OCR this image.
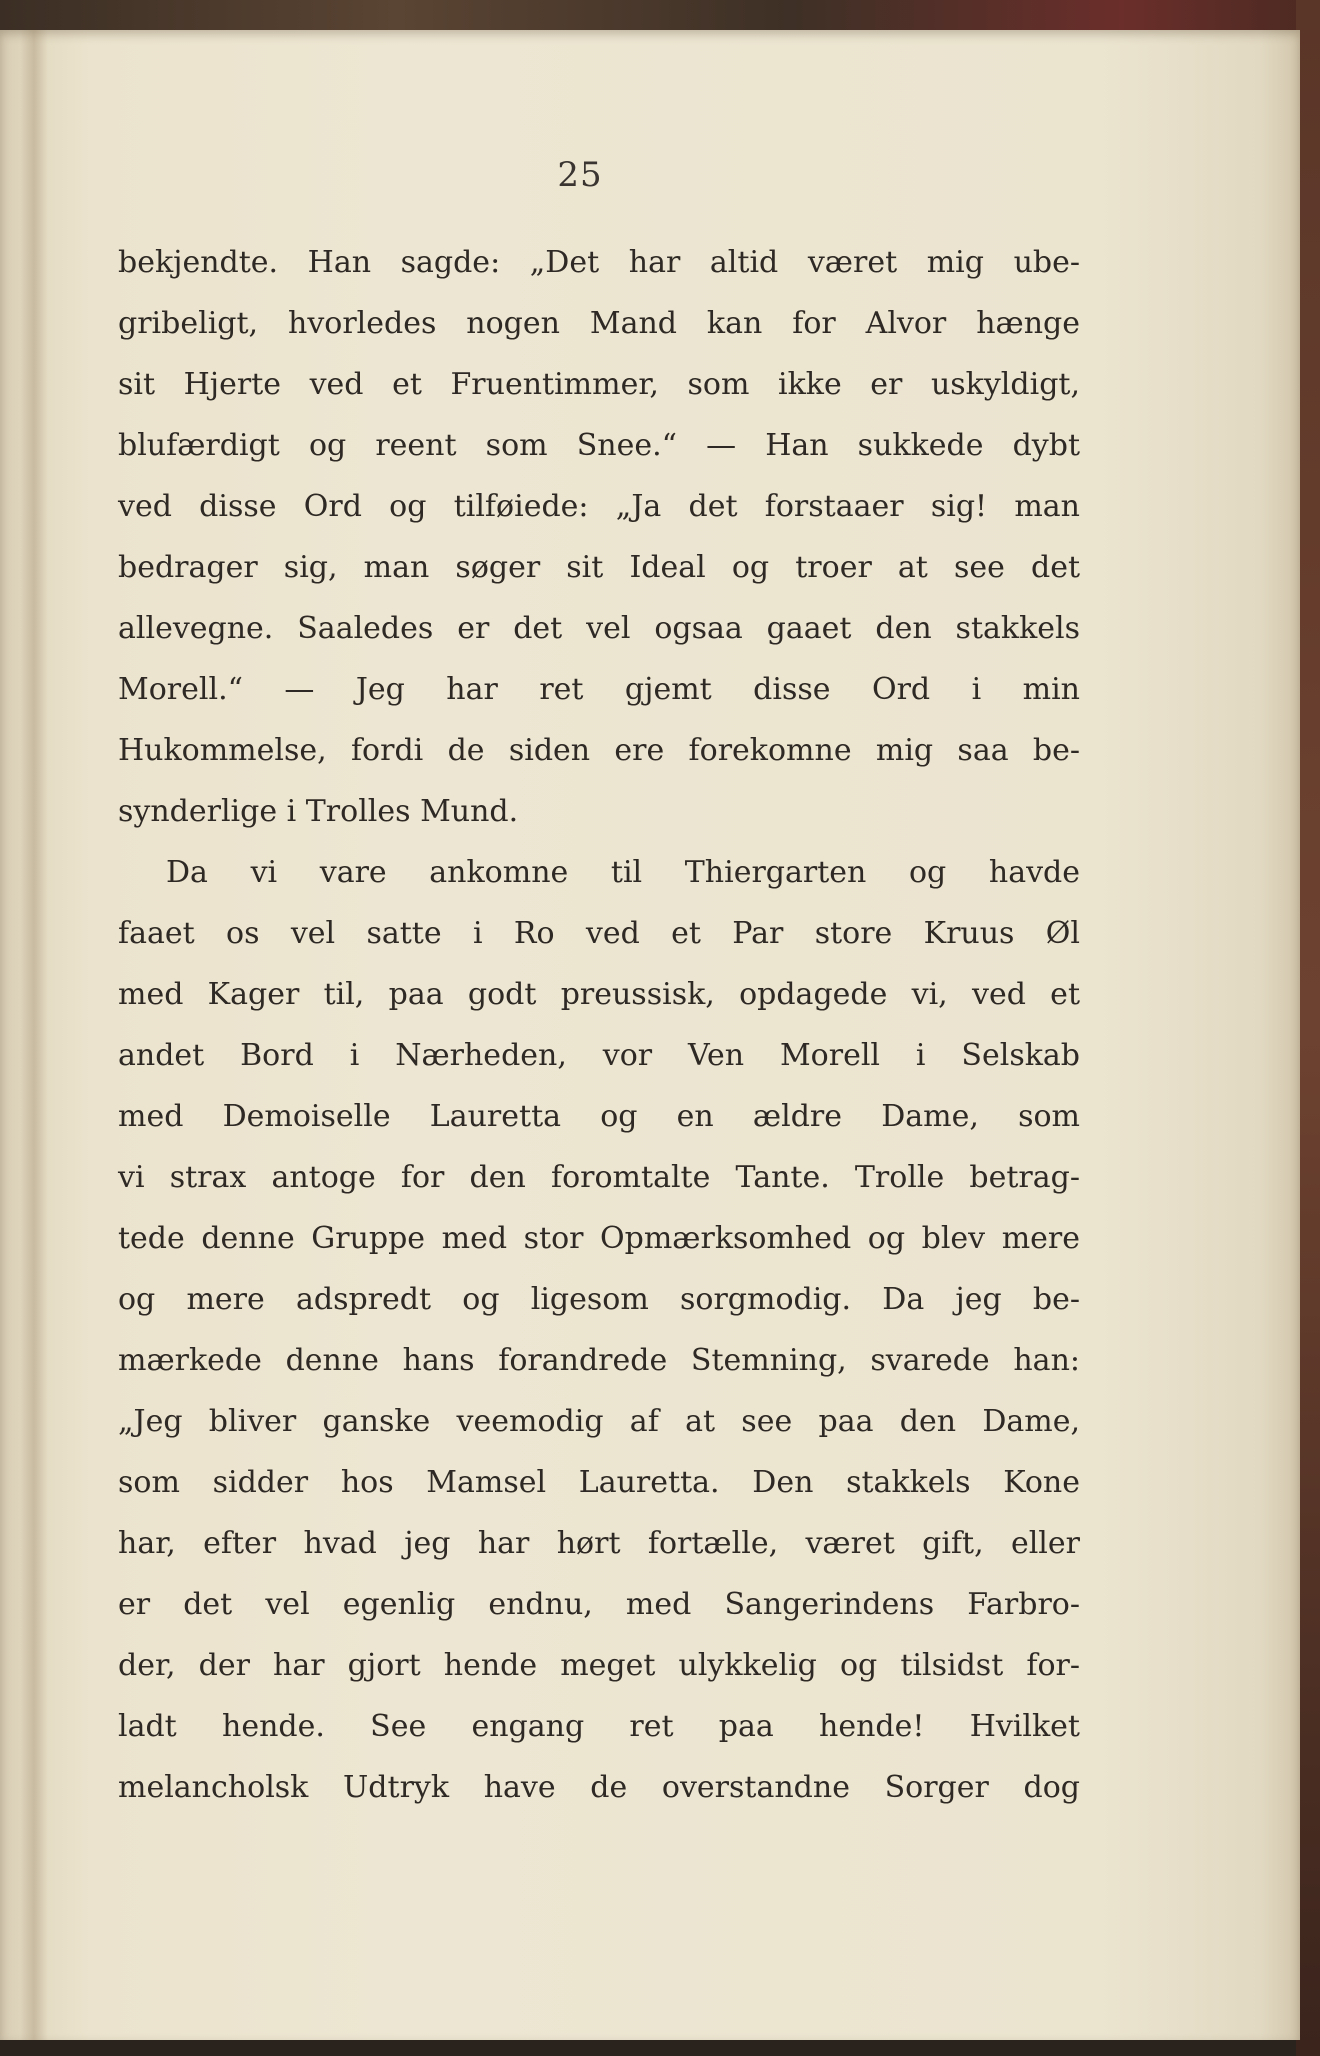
25
bekjendte. Han sagde: „Det har altid været mig ube-
gribeligt, hvorledes nogen Mand kan for Alvor hænge
sit Hjerte ved et Fruentimmer, som ikke er uskyldigt,
blufærdigt og reent som Snee.“ — Han sukkede dybt
ved disse Ord og tilføiede: „Ja det forstaaer sig! man
bedrager sig, man søger sit Ideal og troer at see det
allevegne. Saaledes er det vel ogsaa gaaet den stakkels
Morell.“ — Jeg har ret gjemt disse Ord i min
Hukommelse, fordi de siden ere forekomne mig saa be-
synderlige i Trolles Mund.
Da vi vare ankomne til Thiergarten og havde
faaet os vel satte i Ro ved et Par store Kruus Øl
med Kager til, paa godt preussisk, opdagede vi, ved et
andet Bord i Nærheden, vor Ven Morell i Selskab
med Demoiselle Lauretta og en ældre Dame, som
vi strax antoge for den foromtalte Tante. Trolle betrag-
tede denne Gruppe med stor Opmærksomhed og blev mere
og mere adspredt og ligesom sorgmodig. Da jeg be-
mærkede denne hans forandrede Stemning, svarede han:
„Jeg bliver ganske veemodig af at see paa den Dame,
som sidder hos Mamsel Lauretta. Den stakkels Kone
har, efter hvad jeg har hørt fortælle, været gift, eller
er det vel egenlig endnu, med Sangerindens Farbro-
der, der har gjort hende meget ulykkelig og tilsidst for-
ladt hende. See engang ret paa hende! Hvilket
melancholsk Udtryk have de overstandne Sorger dog
